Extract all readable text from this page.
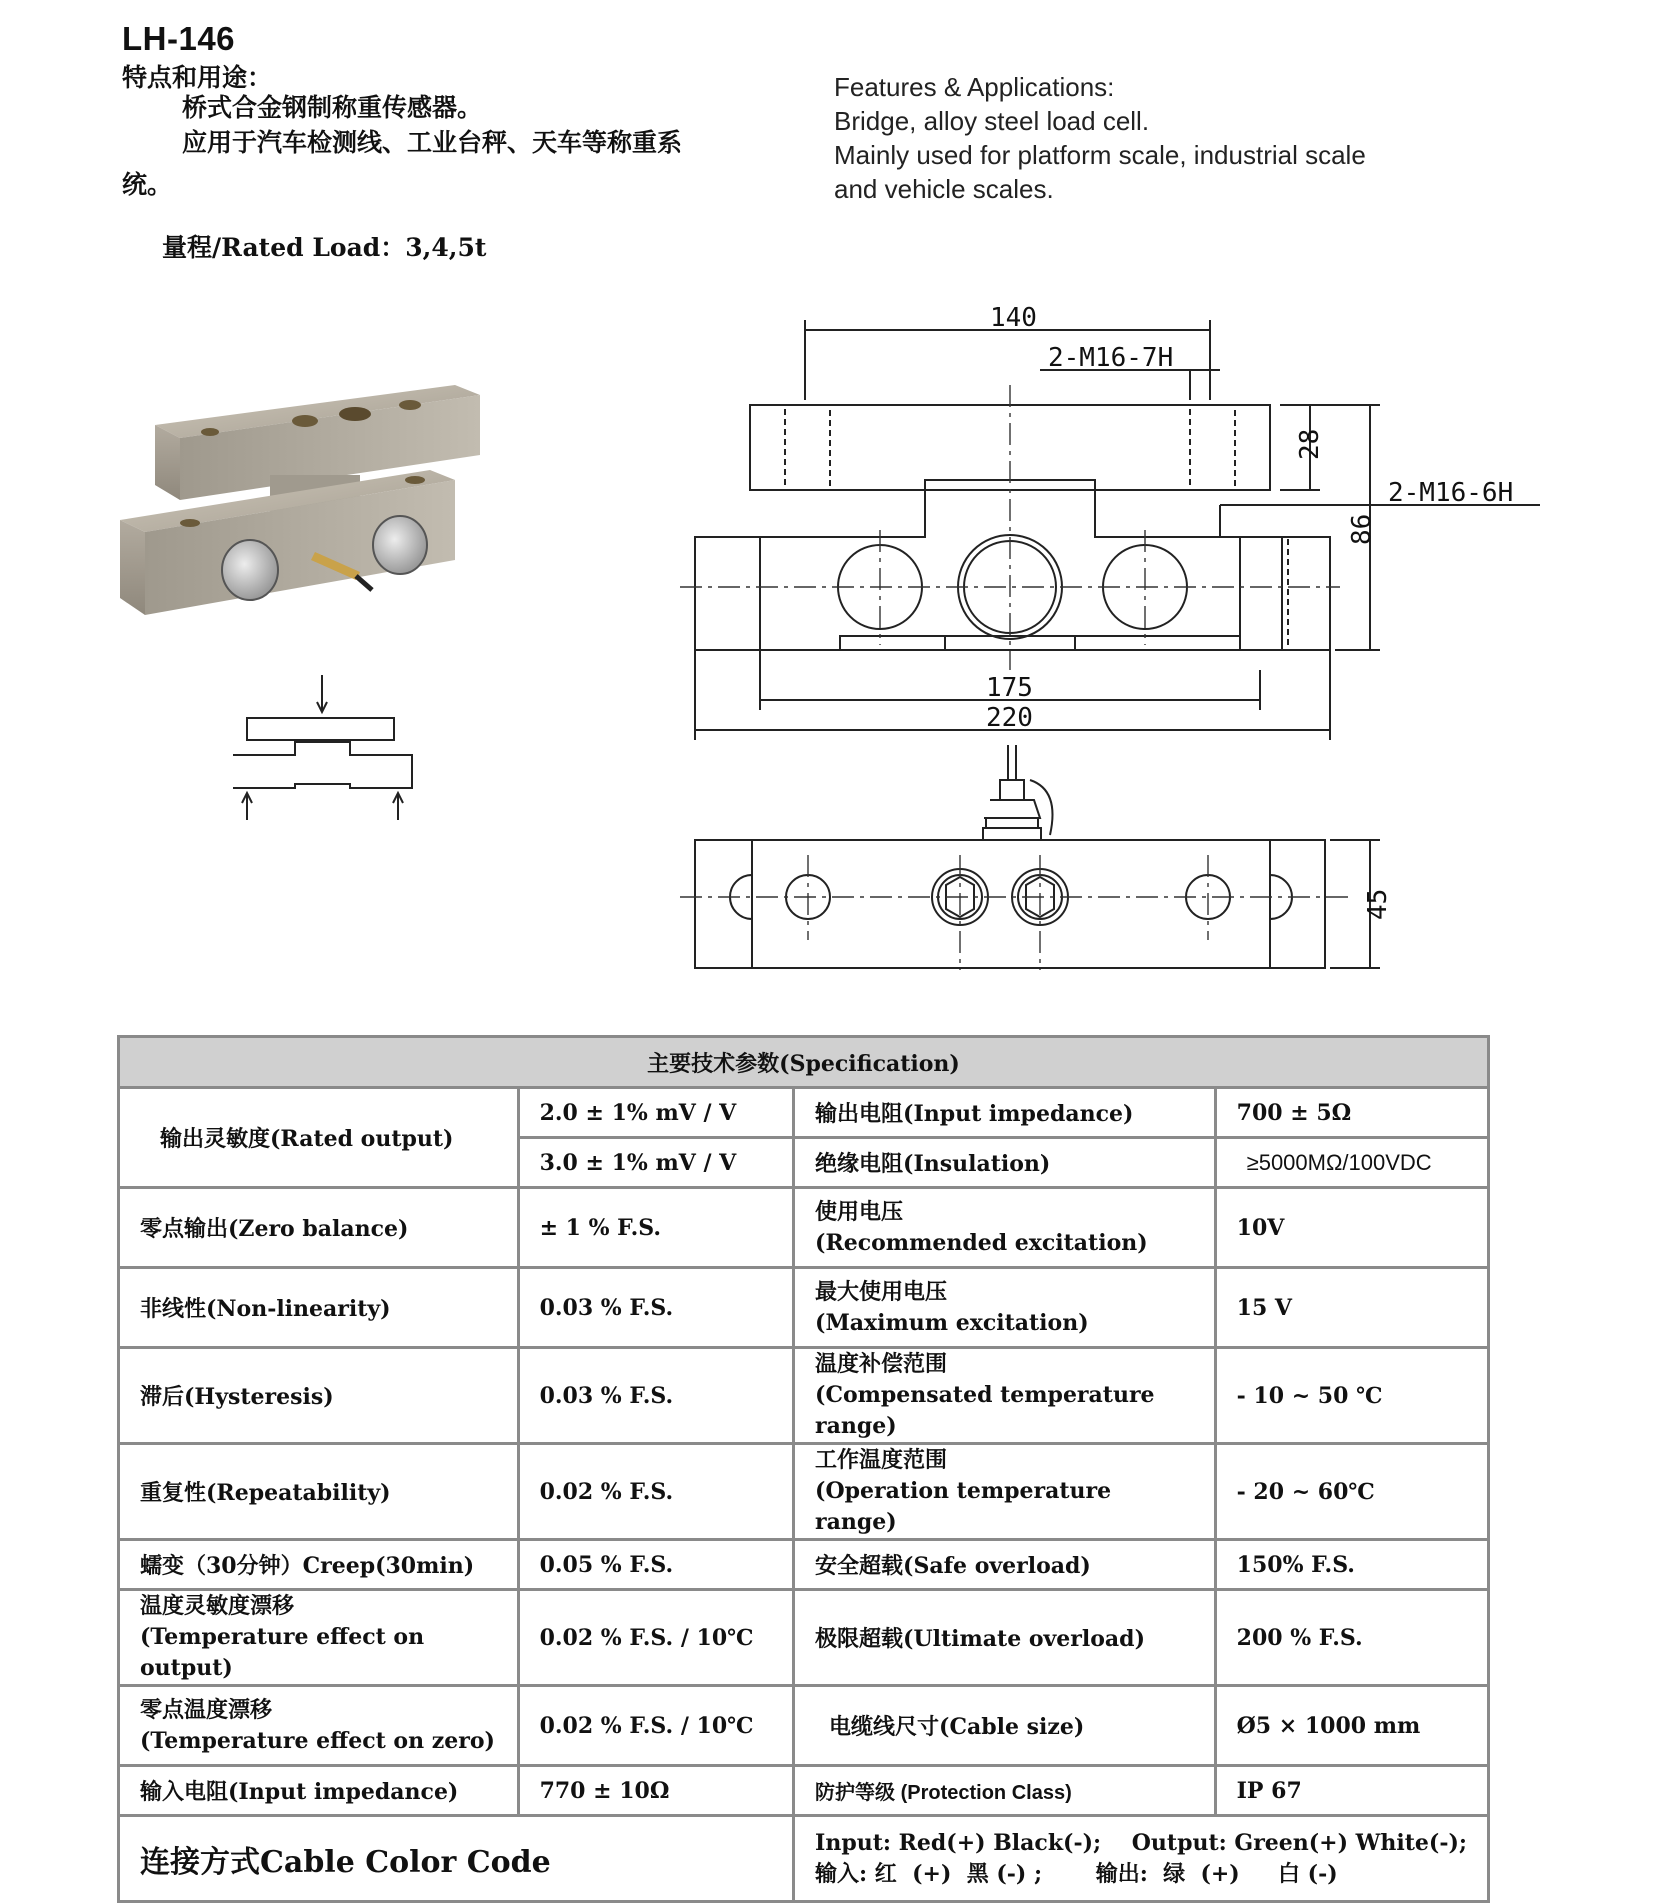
LH-146
特点和用途：
桥式合金钢制称重传感器。
应用于汽车检测线、工业台秤、天车等称重系
统。
量程/Rated Load：3,4,5t
Features & Applications:
Bridge, alloy steel load cell.
Mainly used for platform scale, industrial scale
and vehicle scales.
140
2-M16-7H
28
2-M16-6H
86
175
220
45
主要技术参数(Specification)			
输出灵敏度(Rated output)	2.0 ± 1% mV / V	输出电阻(Input impedance)	700 ± 5Ω
	3.0 ± 1% mV / V	绝缘电阻(Insulation)	≥5000MΩ/100VDC

零点输出(Zero balance)	± 1 % F.S.	使用电压
(Recommended excitation)	10V

非线性(Non-linearity)	0.03 % F.S.	最大使用电压
(Maximum excitation)	15 V

滞后(Hysteresis)	0.03 % F.S.	温度补偿范围
(Compensated temperature range)	- 10 ~ 50 ℃

重复性(Repeatability)	0.02 % F.S.	工作温度范围
(Operation temperature range)	- 20 ~ 60℃

蠕变（30分钟）Creep(30min)	0.05 % F.S.	安全超载(Safe overload)	150% F.S.

温度灵敏度漂移
(Temperature effect on output)	0.02 % F.S. / 10℃	极限超载(Ultimate overload)	200 % F.S.

零点温度漂移
(Temperature effect on zero)	0.02 % F.S. / 10℃	电缆线尺寸(Cable size)	Ø5 × 1000 mm

输入电阻(Input impedance)	770 ± 10Ω	防护等级 (Protection Class)	IP 67
连接方式Cable Color Code		Input: Red(+) Black(-);    Output: Green(+) White(-);
输入: 红  (+)  黑 (-) ;       输出:  绿  (+)     白 (-)	
